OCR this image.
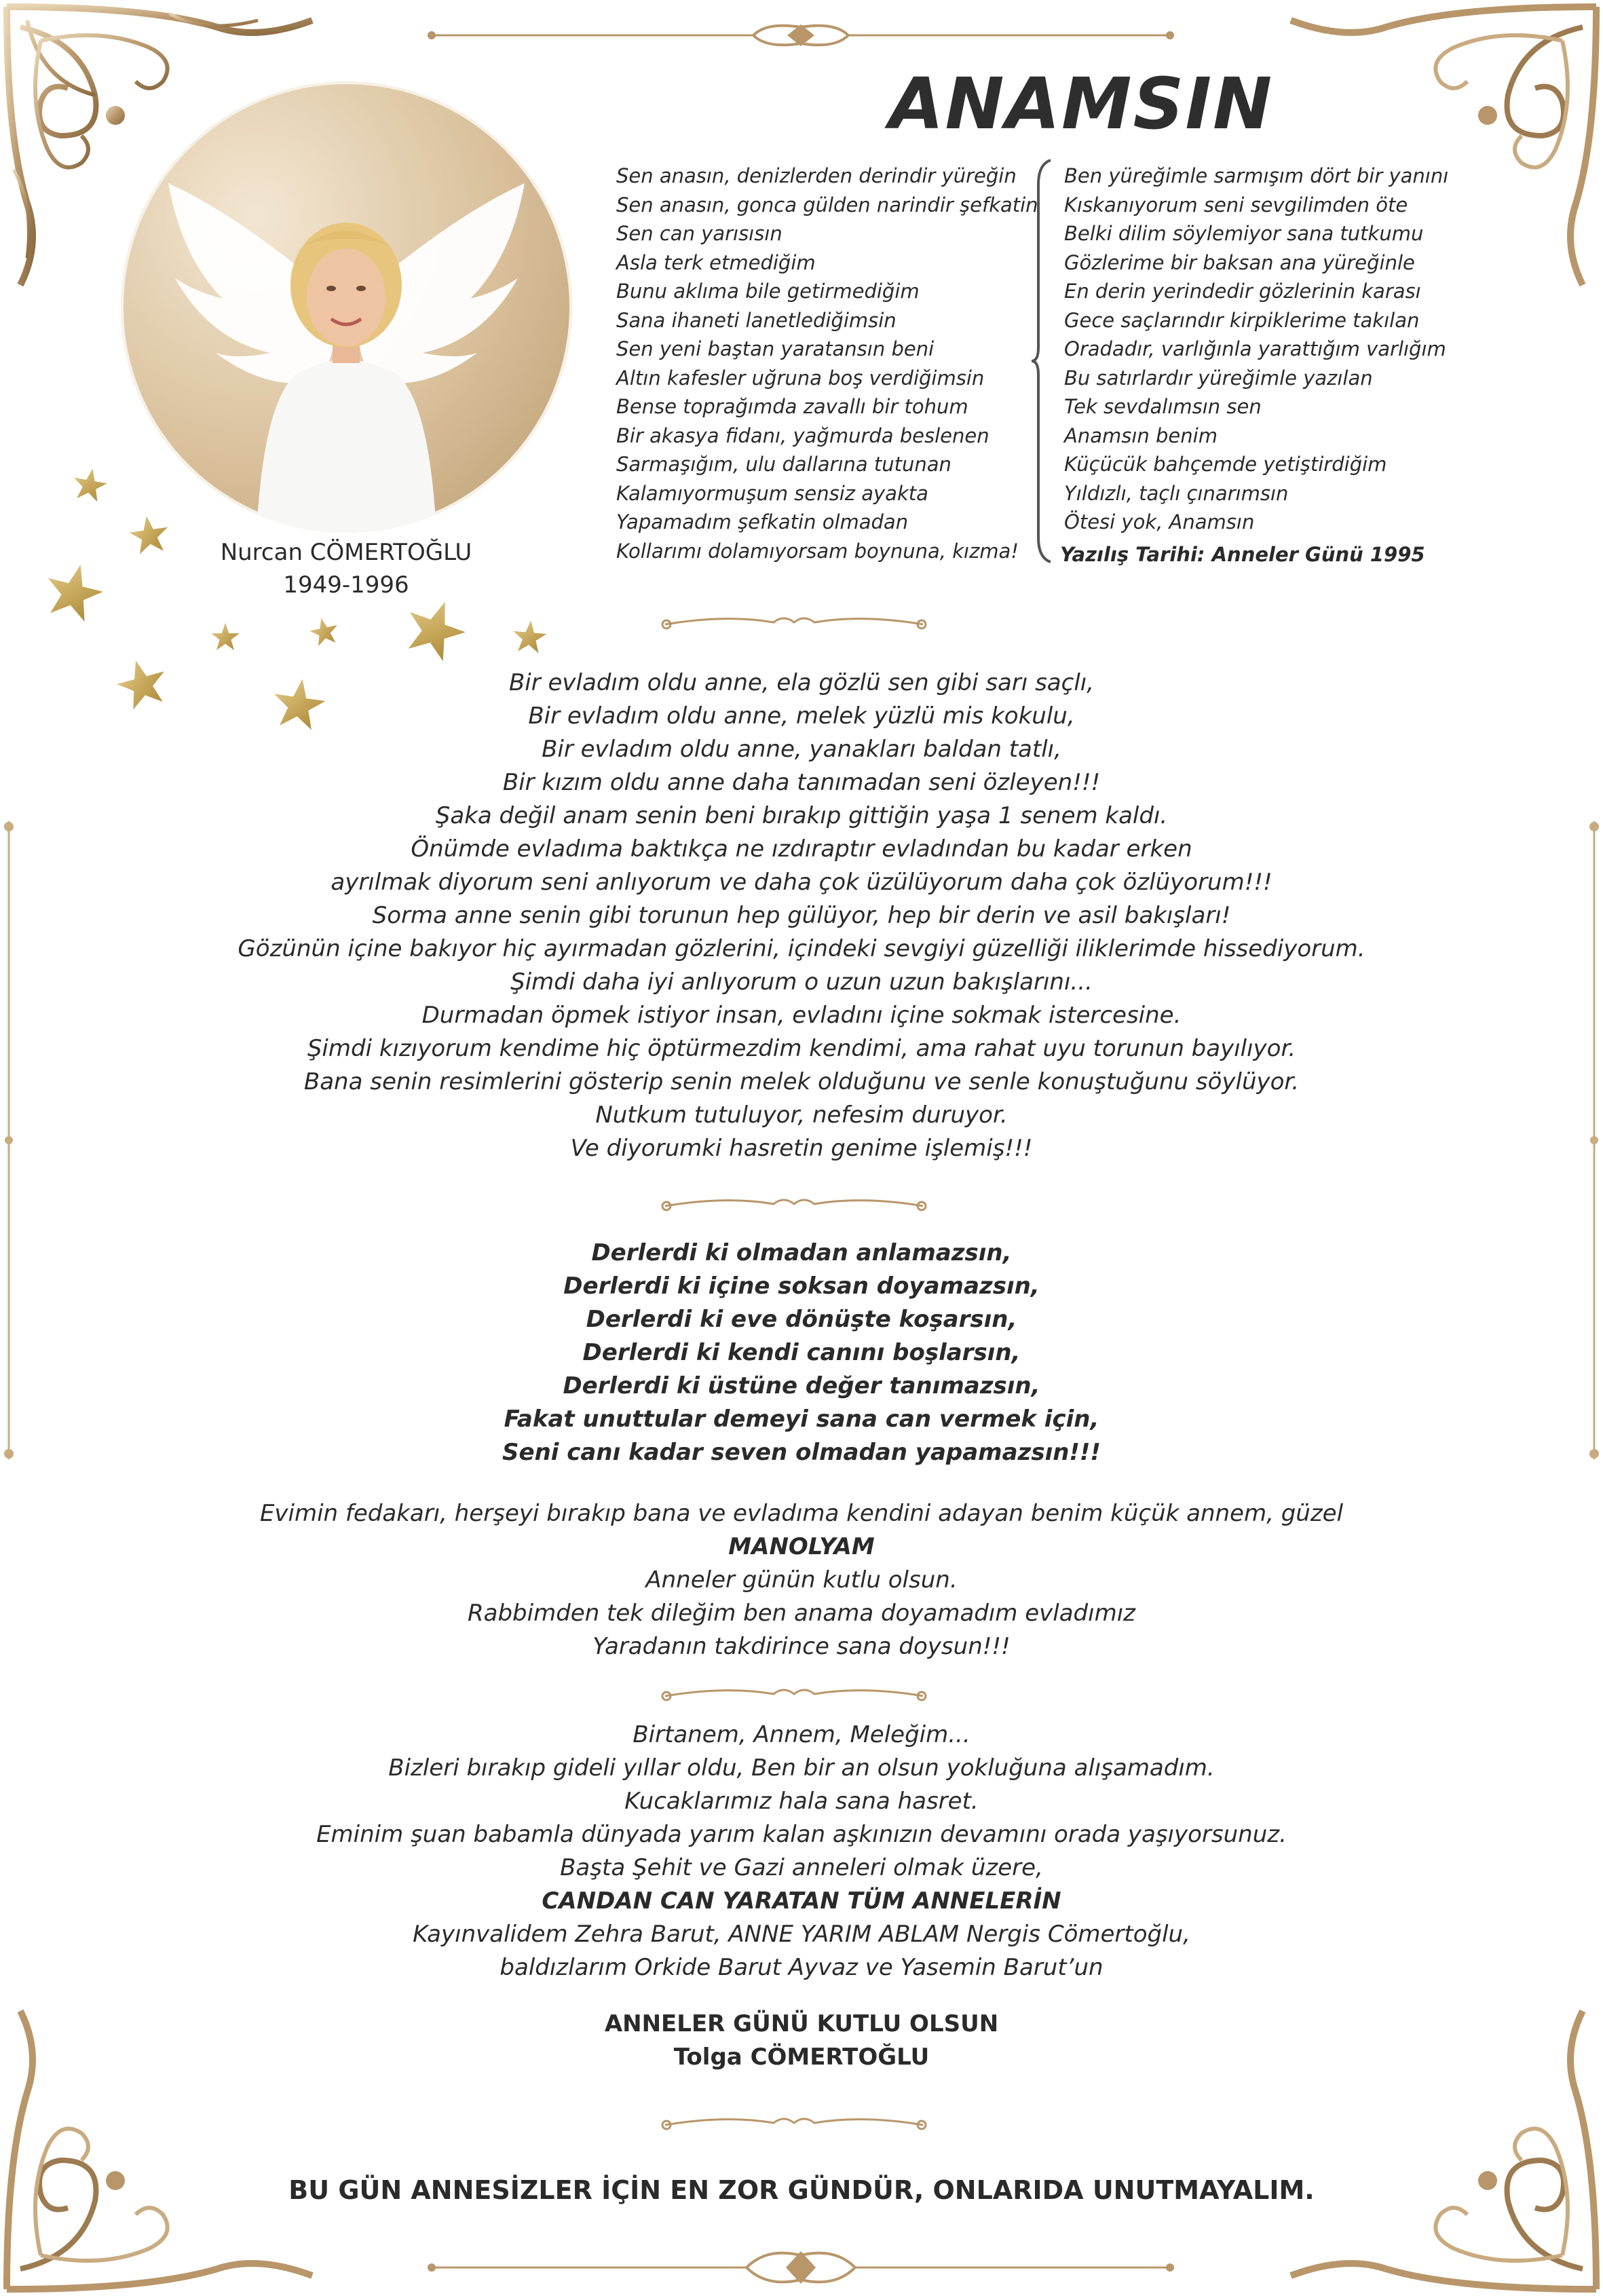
Nurcan CÖMERTOĞLU
1949-1996
ANAMSIN
Sen anasın, denizlerden derindir yüreğin
Sen anasın, gonca gülden narindir şefkatin
Sen can yarısısın
Asla terk etmediğim
Bunu aklıma bile getirmediğim
Sana ihaneti lanetlediğimsin
Sen yeni baştan yaratansın beni
Altın kafesler uğruna boş verdiğimsin
Bense toprağımda zavallı bir tohum
Bir akasya fidanı, yağmurda beslenen
Sarmaşığım, ulu dallarına tutunan
Kalamıyormuşum sensiz ayakta
Yapamadım şefkatin olmadan
Kollarımı dolamıyorsam boynuna, kızma!
Ben yüreğimle sarmışım dört bir yanını
Kıskanıyorum seni sevgilimden öte
Belki dilim söylemiyor sana tutkumu
Gözlerime bir baksan ana yüreğinle
En derin yerindedir gözlerinin karası
Gece saçlarındır kirpiklerime takılan
Oradadır, varlığınla yarattığım varlığım
Bu satırlardır yüreğimle yazılan
Tek sevdalımsın sen
Anamsın benim
Küçücük bahçemde yetiştirdiğim
Yıldızlı, taçlı çınarımsın
Ötesi yok, Anamsın
Yazılış Tarihi: Anneler Günü 1995
Bir evladım oldu anne, ela gözlü sen gibi sarı saçlı,
Bir evladım oldu anne, melek yüzlü mis kokulu,
Bir evladım oldu anne, yanakları baldan tatlı,
Bir kızım oldu anne daha tanımadan seni özleyen!!!
Şaka değil anam senin beni bırakıp gittiğin yaşa 1 senem kaldı.
Önümde evladıma baktıkça ne ızdıraptır evladından bu kadar erken
ayrılmak diyorum seni anlıyorum ve daha çok üzülüyorum daha çok özlüyorum!!!
Sorma anne senin gibi torunun hep gülüyor, hep bir derin ve asil bakışları!
Gözünün içine bakıyor hiç ayırmadan gözlerini, içindeki sevgiyi güzelliği iliklerimde hissediyorum.
Şimdi daha iyi anlıyorum o uzun uzun bakışlarını...
Durmadan öpmek istiyor insan, evladını içine sokmak istercesine.
Şimdi kızıyorum kendime hiç öptürmezdim kendimi, ama rahat uyu torunun bayılıyor.
Bana senin resimlerini gösterip senin melek olduğunu ve senle konuştuğunu söylüyor.
Nutkum tutuluyor, nefesim duruyor.
Ve diyorumki hasretin genime işlemiş!!!
Derlerdi ki olmadan anlamazsın,
Derlerdi ki içine soksan doyamazsın,
Derlerdi ki eve dönüşte koşarsın,
Derlerdi ki kendi canını boşlarsın,
Derlerdi ki üstüne değer tanımazsın,
Fakat unuttular demeyi sana can vermek için,
Seni canı kadar seven olmadan yapamazsın!!!
Evimin fedakarı, herşeyi bırakıp bana ve evladıma kendini adayan benim küçük annem, güzel
MANOLYAM
Anneler günün kutlu olsun.
Rabbimden tek dileğim ben anama doyamadım evladımız
Yaradanın takdirince sana doysun!!!
Birtanem, Annem, Meleğim...
Bizleri bırakıp gideli yıllar oldu, Ben bir an olsun yokluğuna alışamadım.
Kucaklarımız hala sana hasret.
Eminim şuan babamla dünyada yarım kalan aşkınızın devamını orada yaşıyorsunuz.
Başta Şehit ve Gazi anneleri olmak üzere,
CANDAN CAN YARATAN TÜM ANNELERİN
Kayınvalidem Zehra Barut, ANNE YARIM ABLAM Nergis Cömertoğlu,
baldızlarım Orkide Barut Ayvaz ve Yasemin Barut’un
ANNELER GÜNÜ KUTLU OLSUN
Tolga CÖMERTOĞLU
BU GÜN ANNESİZLER İÇİN EN ZOR GÜNDÜR, ONLARIDA UNUTMAYALIM.
